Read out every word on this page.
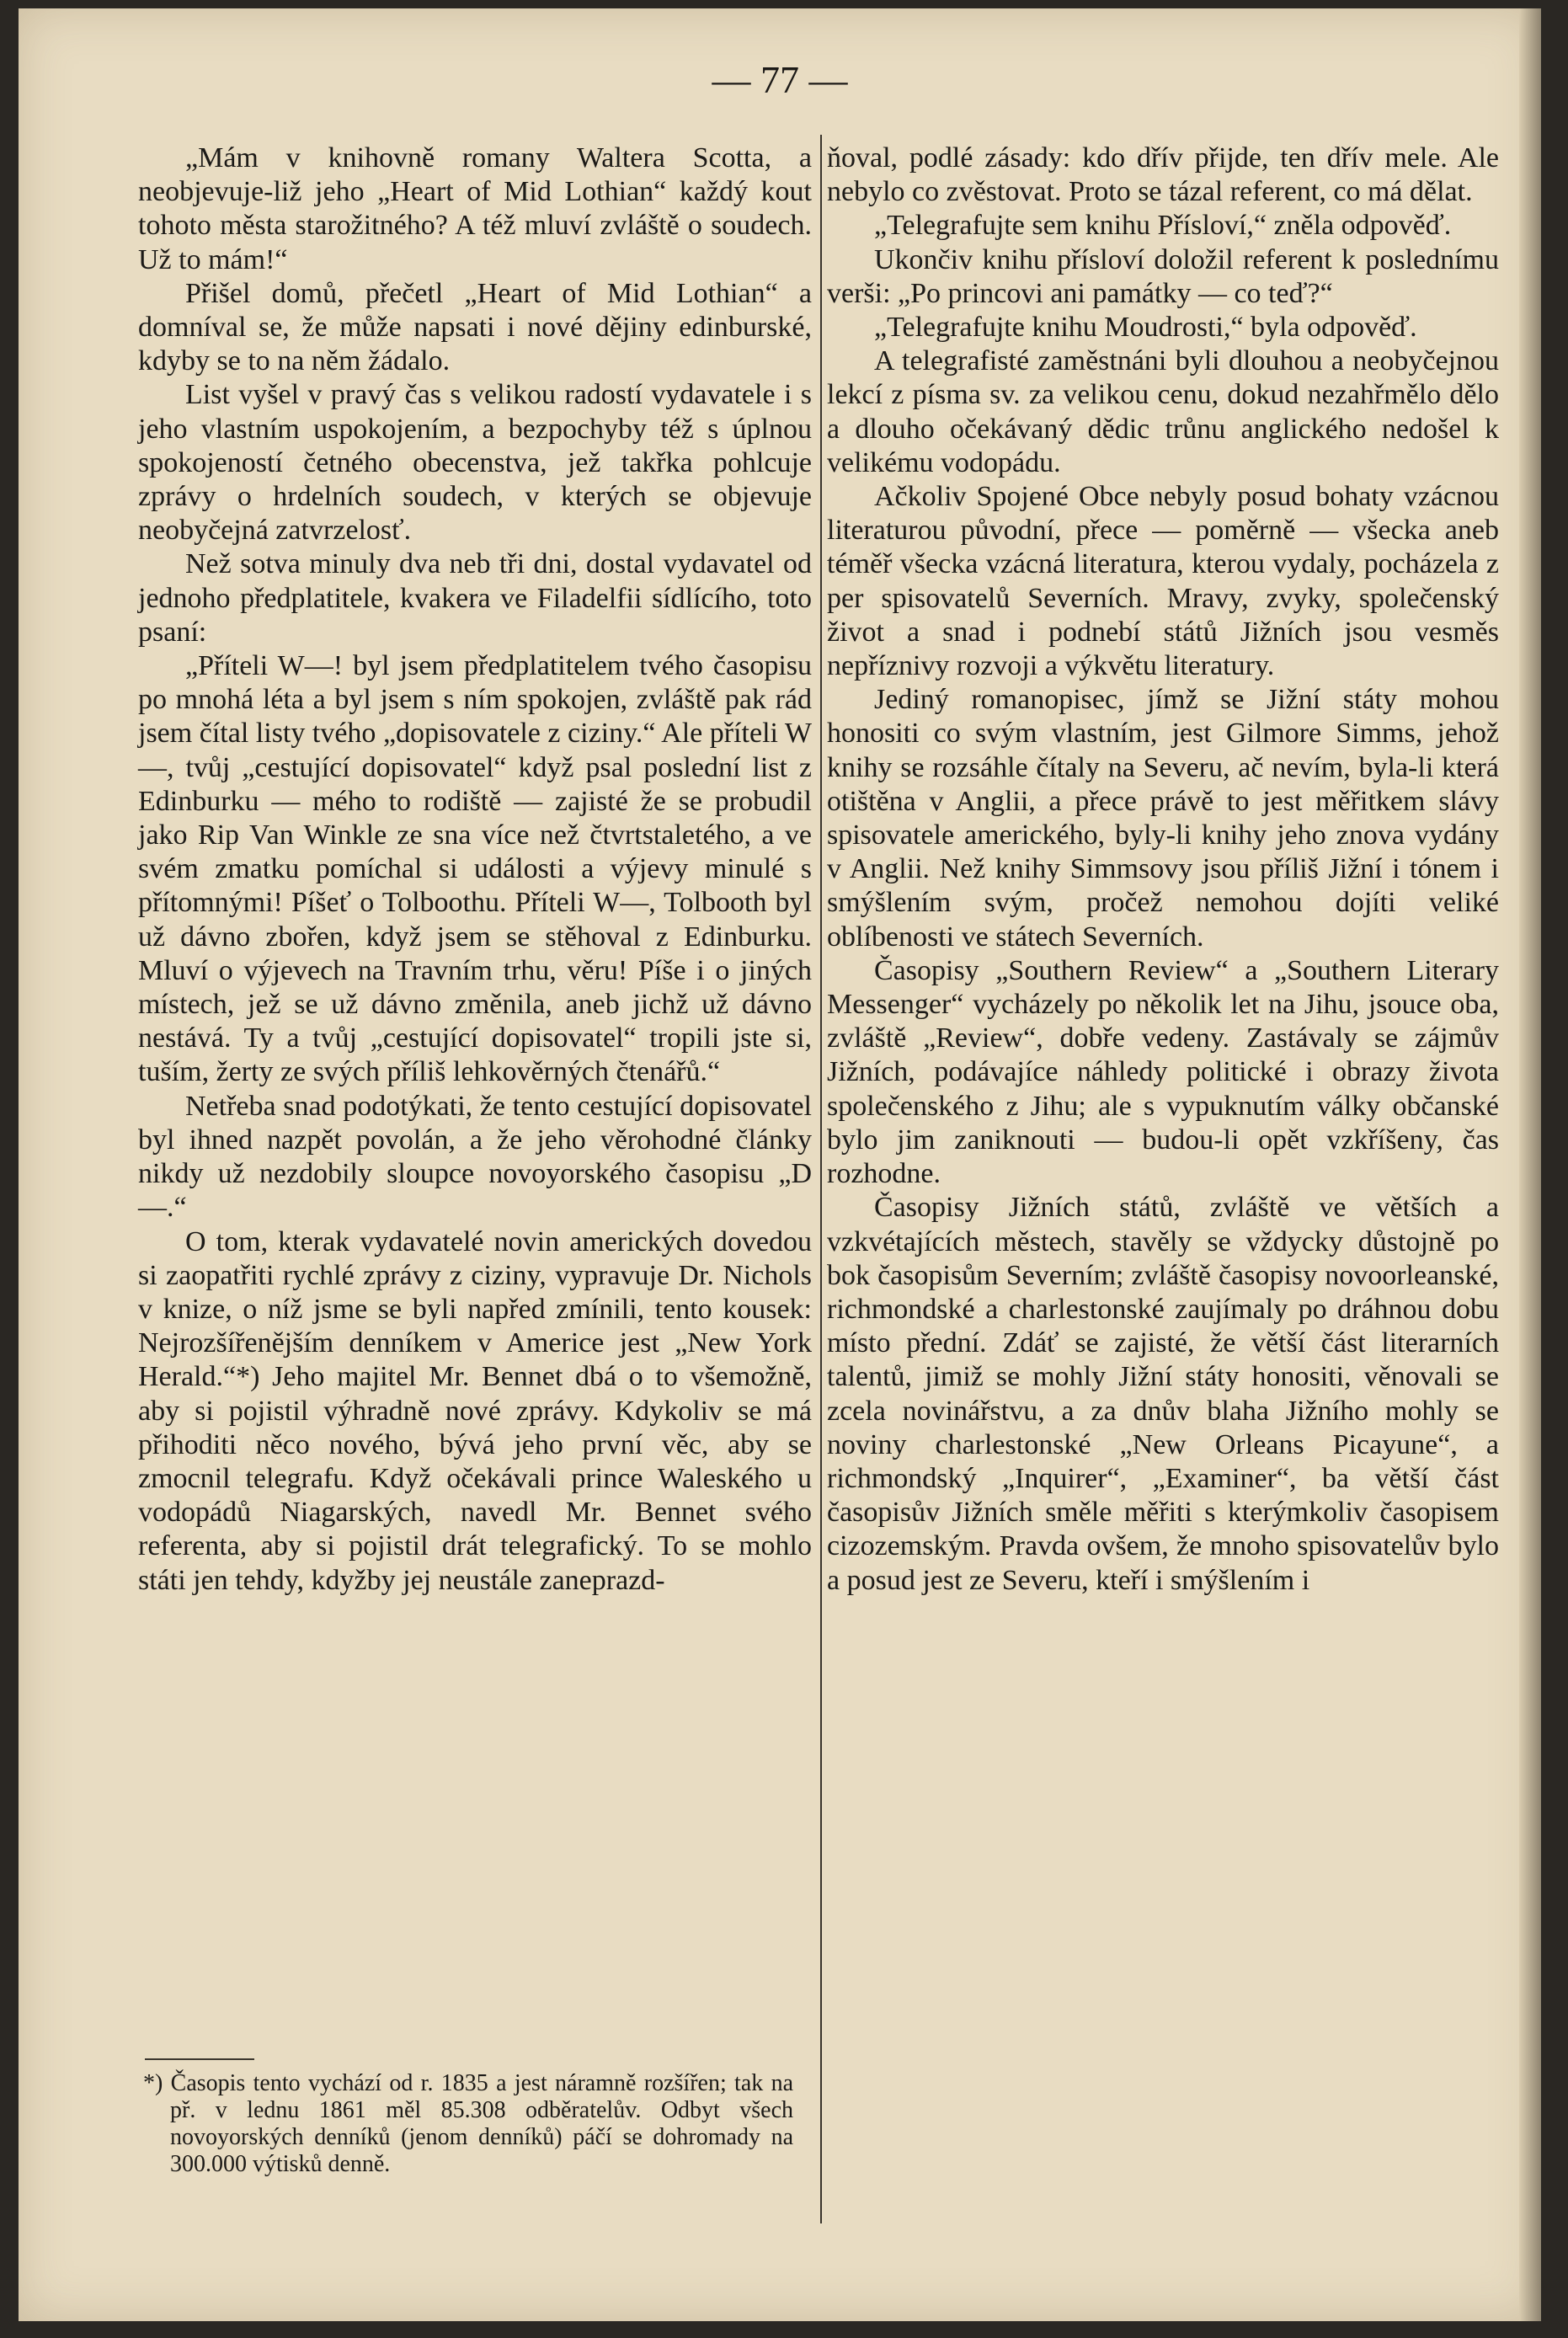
— 77 —

„Mám v knihovně romany Waltera Scotta, a neobjevuje-liž jeho „Heart of Mid Lothian“ každý kout tohoto města starožitného? A též mluví zvláště o soudech. Už to mám!“

Přišel domů, přečetl „Heart of Mid Lothian“ a domníval se, že může napsati i nové dějiny edinburské, kdyby se to na něm žádalo.

List vyšel v pravý čas s velikou radostí vydavatele i s jeho vlastním uspokojením, a bezpochyby též s úplnou spokojeností četného obecenstva, jež takřka pohlcuje zprávy o hrdelních soudech, v kterých se objevuje neobyčejná zatvrzelosť.

Než sotva minuly dva neb tři dni, dostal vydavatel od jednoho předplatitele, kvakera ve Filadelfii sídlícího, toto psaní:

„Příteli W—! byl jsem předplatitelem tvého časopisu po mnohá léta a byl jsem s ním spokojen, zvláště pak rád jsem čítal listy tvého „dopisovatele z ciziny.“ Ale příteli W—, tvůj „cestující dopisovatel“ když psal poslední list z Edinburku — mého to rodiště — zajisté že se probudil jako Rip Van Winkle ze sna více než čtvrtstaletého, a ve svém zmatku pomíchal si události a výjevy minulé s přítomnými! Píšeť o Tolboothu. Příteli W—, Tolbooth byl už dávno zbořen, když jsem se stěhoval z Edinburku. Mluví o výjevech na Travním trhu, věru! Píše i o jiných místech, jež se už dávno změnila, aneb jichž už dávno nestává. Ty a tvůj „cestující dopisovatel“ tropili jste si, tuším, žerty ze svých příliš lehkověrných čtenářů.“

Netřeba snad podotýkati, že tento cestující dopisovatel byl ihned nazpět povolán, a že jeho věrohodné články nikdy už nezdobily sloupce novoyorského časopisu „D —.“

O tom, kterak vydavatelé novin amerických dovedou si zaopatřiti rychlé zprávy z ciziny, vypravuje Dr. Nichols v knize, o níž jsme se byli napřed zmínili, tento kousek: Nejrozšířenějším denníkem v Americe jest „New York Herald.“*) Jeho majitel Mr. Bennet dbá o to všemožně, aby si pojistil výhradně nové zprávy. Kdykoliv se má přihoditi něco nového, bývá jeho první věc, aby se zmocnil telegrafu. Když očekávali prince Waleského u vodopádů Niagarských, navedl Mr. Bennet svého referenta, aby si pojistil drát telegrafický. To se mohlo státi jen tehdy, kdyžby jej neustále zaneprazd-

*) Časopis tento vychází od r. 1835 a jest náramně rozšířen; tak na př. v lednu 1861 měl 85.308 odběratelův. Odbyt všech novoyorských denníků (jenom denníků) páčí se dohromady na 300.000 výtisků denně.

ňoval, podlé zásady: kdo dřív přijde, ten dřív mele. Ale nebylo co zvěstovat. Proto se tázal referent, co má dělat.

„Telegrafujte sem knihu Přísloví,“ zněla odpověď.

Ukončiv knihu přísloví doložil referent k poslednímu verši: „Po princovi ani památky — co teď?“

„Telegrafujte knihu Moudrosti,“ byla odpověď.

A telegrafisté zaměstnáni byli dlouhou a neobyčejnou lekcí z písma sv. za velikou cenu, dokud nezahřmělo dělo a dlouho očekávaný dědic trůnu anglického nedošel k velikému vodopádu.

Ačkoliv Spojené Obce nebyly posud bohaty vzácnou literaturou původní, přece — poměrně — všecka aneb téměř všecka vzácná literatura, kterou vydaly, pocházela z per spisovatelů Severních. Mravy, zvyky, společenský život a snad i podnebí států Jižních jsou vesměs nepříznivy rozvoji a výkvětu literatury.

Jediný romanopisec, jímž se Jižní státy mohou honositi co svým vlastním, jest Gilmore Simms, jehož knihy se rozsáhle čítaly na Severu, ač nevím, byla-li která otištěna v Anglii, a přece právě to jest měřitkem slávy spisovatele amerického, byly-li knihy jeho znova vydány v Anglii. Než knihy Simmsovy jsou příliš Jižní i tónem i smýšlením svým, pročež nemohou dojíti veliké oblíbenosti ve státech Severních.

Časopisy „Southern Review“ a „Southern Literary Messenger“ vycházely po několik let na Jihu, jsouce oba, zvláště „Review“, dobře vedeny. Zastávaly se zájmův Jižních, podávajíce náhledy politické i obrazy života společenského z Jihu; ale s vypuknutím války občanské bylo jim zaniknouti — budou-li opět vzkříšeny, čas rozhodne.

Časopisy Jižních států, zvláště ve větších a vzkvétajících městech, stavěly se vždycky důstojně po bok časopisům Severním; zvláště časopisy novoorleanské, richmondské a charlestonské zaujímaly po dráhnou dobu místo přední. Zdáť se zajisté, že větší část literarních talentů, jimiž se mohly Jižní státy honositi, věnovali se zcela novinářstvu, a za dnův blaha Jižního mohly se noviny charlestonské „New Orleans Picayune“, a richmondský „Inquirer“, „Examiner“, ba větší část časopisův Jižních směle měřiti s kterýmkoliv časopisem cizozemským. Pravda ovšem, že mnoho spisovatelův bylo a posud jest ze Severu, kteří i smýšlením i
